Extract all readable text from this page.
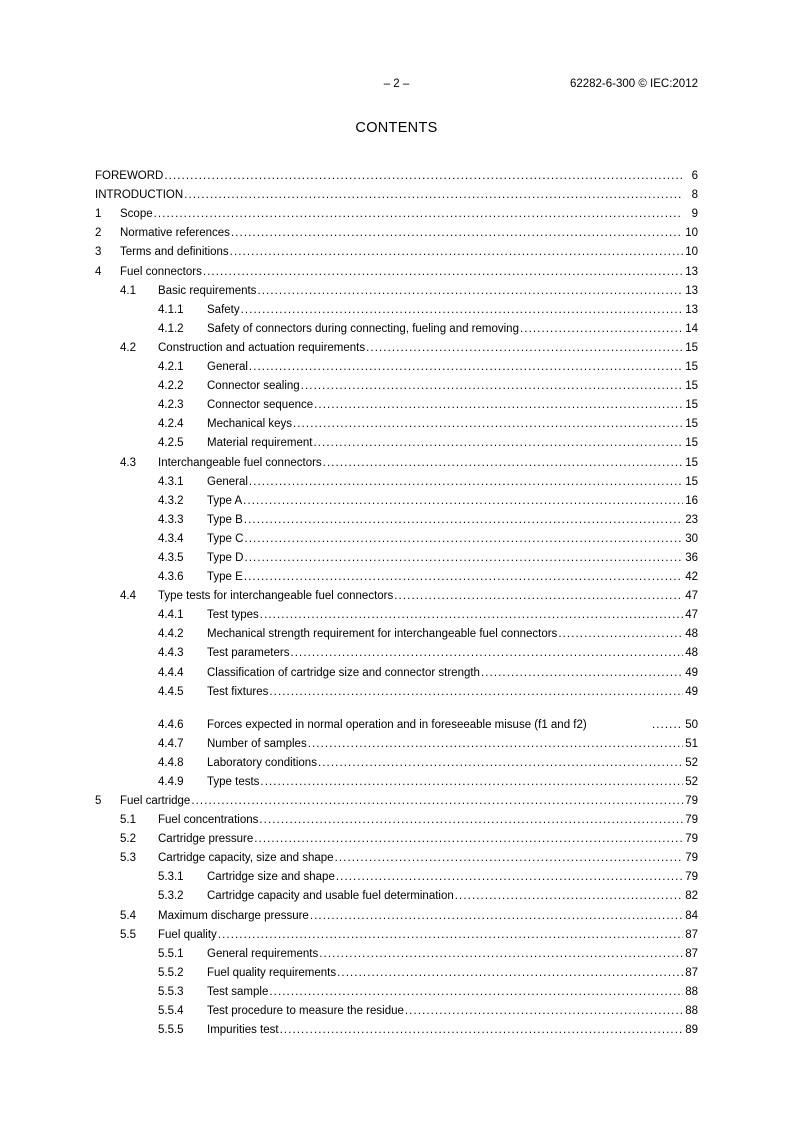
– 2 –	62282-6-300 © IEC:2012
CONTENTS
FOREWORD .....	6
INTRODUCTION .....	8
1	Scope .....	9
2	Normative references .....	10
3	Terms and definitions .....	10
4	Fuel connectors .....	13
4.1	Basic requirements .....	13
4.1.1	Safety .....	13
4.1.2	Safety of connectors during connecting, fueling and removing .....	14
4.2	Construction and actuation requirements .....	15
4.2.1	General .....	15
4.2.2	Connector sealing .....	15
4.2.3	Connector sequence .....	15
4.2.4	Mechanical keys .....	15
4.2.5	Material requirement .....	15
4.3	Interchangeable fuel connectors .....	15
4.3.1	General .....	15
4.3.2	Type A .....	16
4.3.3	Type B .....	23
4.3.4	Type C .....	30
4.3.5	Type D .....	36
4.3.6	Type E .....	42
4.4	Type tests for interchangeable fuel connectors .....	47
4.4.1	Test types .....	47
4.4.2	Mechanical strength requirement for interchangeable fuel connectors .....	48
4.4.3	Test parameters .....	48
4.4.4	Classification of cartridge size and connector strength .....	49
4.4.5	Test fixtures .....	49
4.4.6	Forces expected in normal operation and in foreseeable misuse (f1 and f2) .....	50
4.4.7	Number of samples .....	51
4.4.8	Laboratory conditions .....	52
4.4.9	Type tests .....	52
5	Fuel cartridge .....	79
5.1	Fuel concentrations .....	79
5.2	Cartridge pressure .....	79
5.3	Cartridge capacity, size and shape .....	79
5.3.1	Cartridge size and shape .....	79
5.3.2	Cartridge capacity and usable fuel determination .....	82
5.4	Maximum discharge pressure .....	84
5.5	Fuel quality .....	87
5.5.1	General requirements .....	87
5.5.2	Fuel quality requirements .....	87
5.5.3	Test sample .....	88
5.5.4	Test procedure to measure the residue .....	88
5.5.5	Impurities test .....	89
